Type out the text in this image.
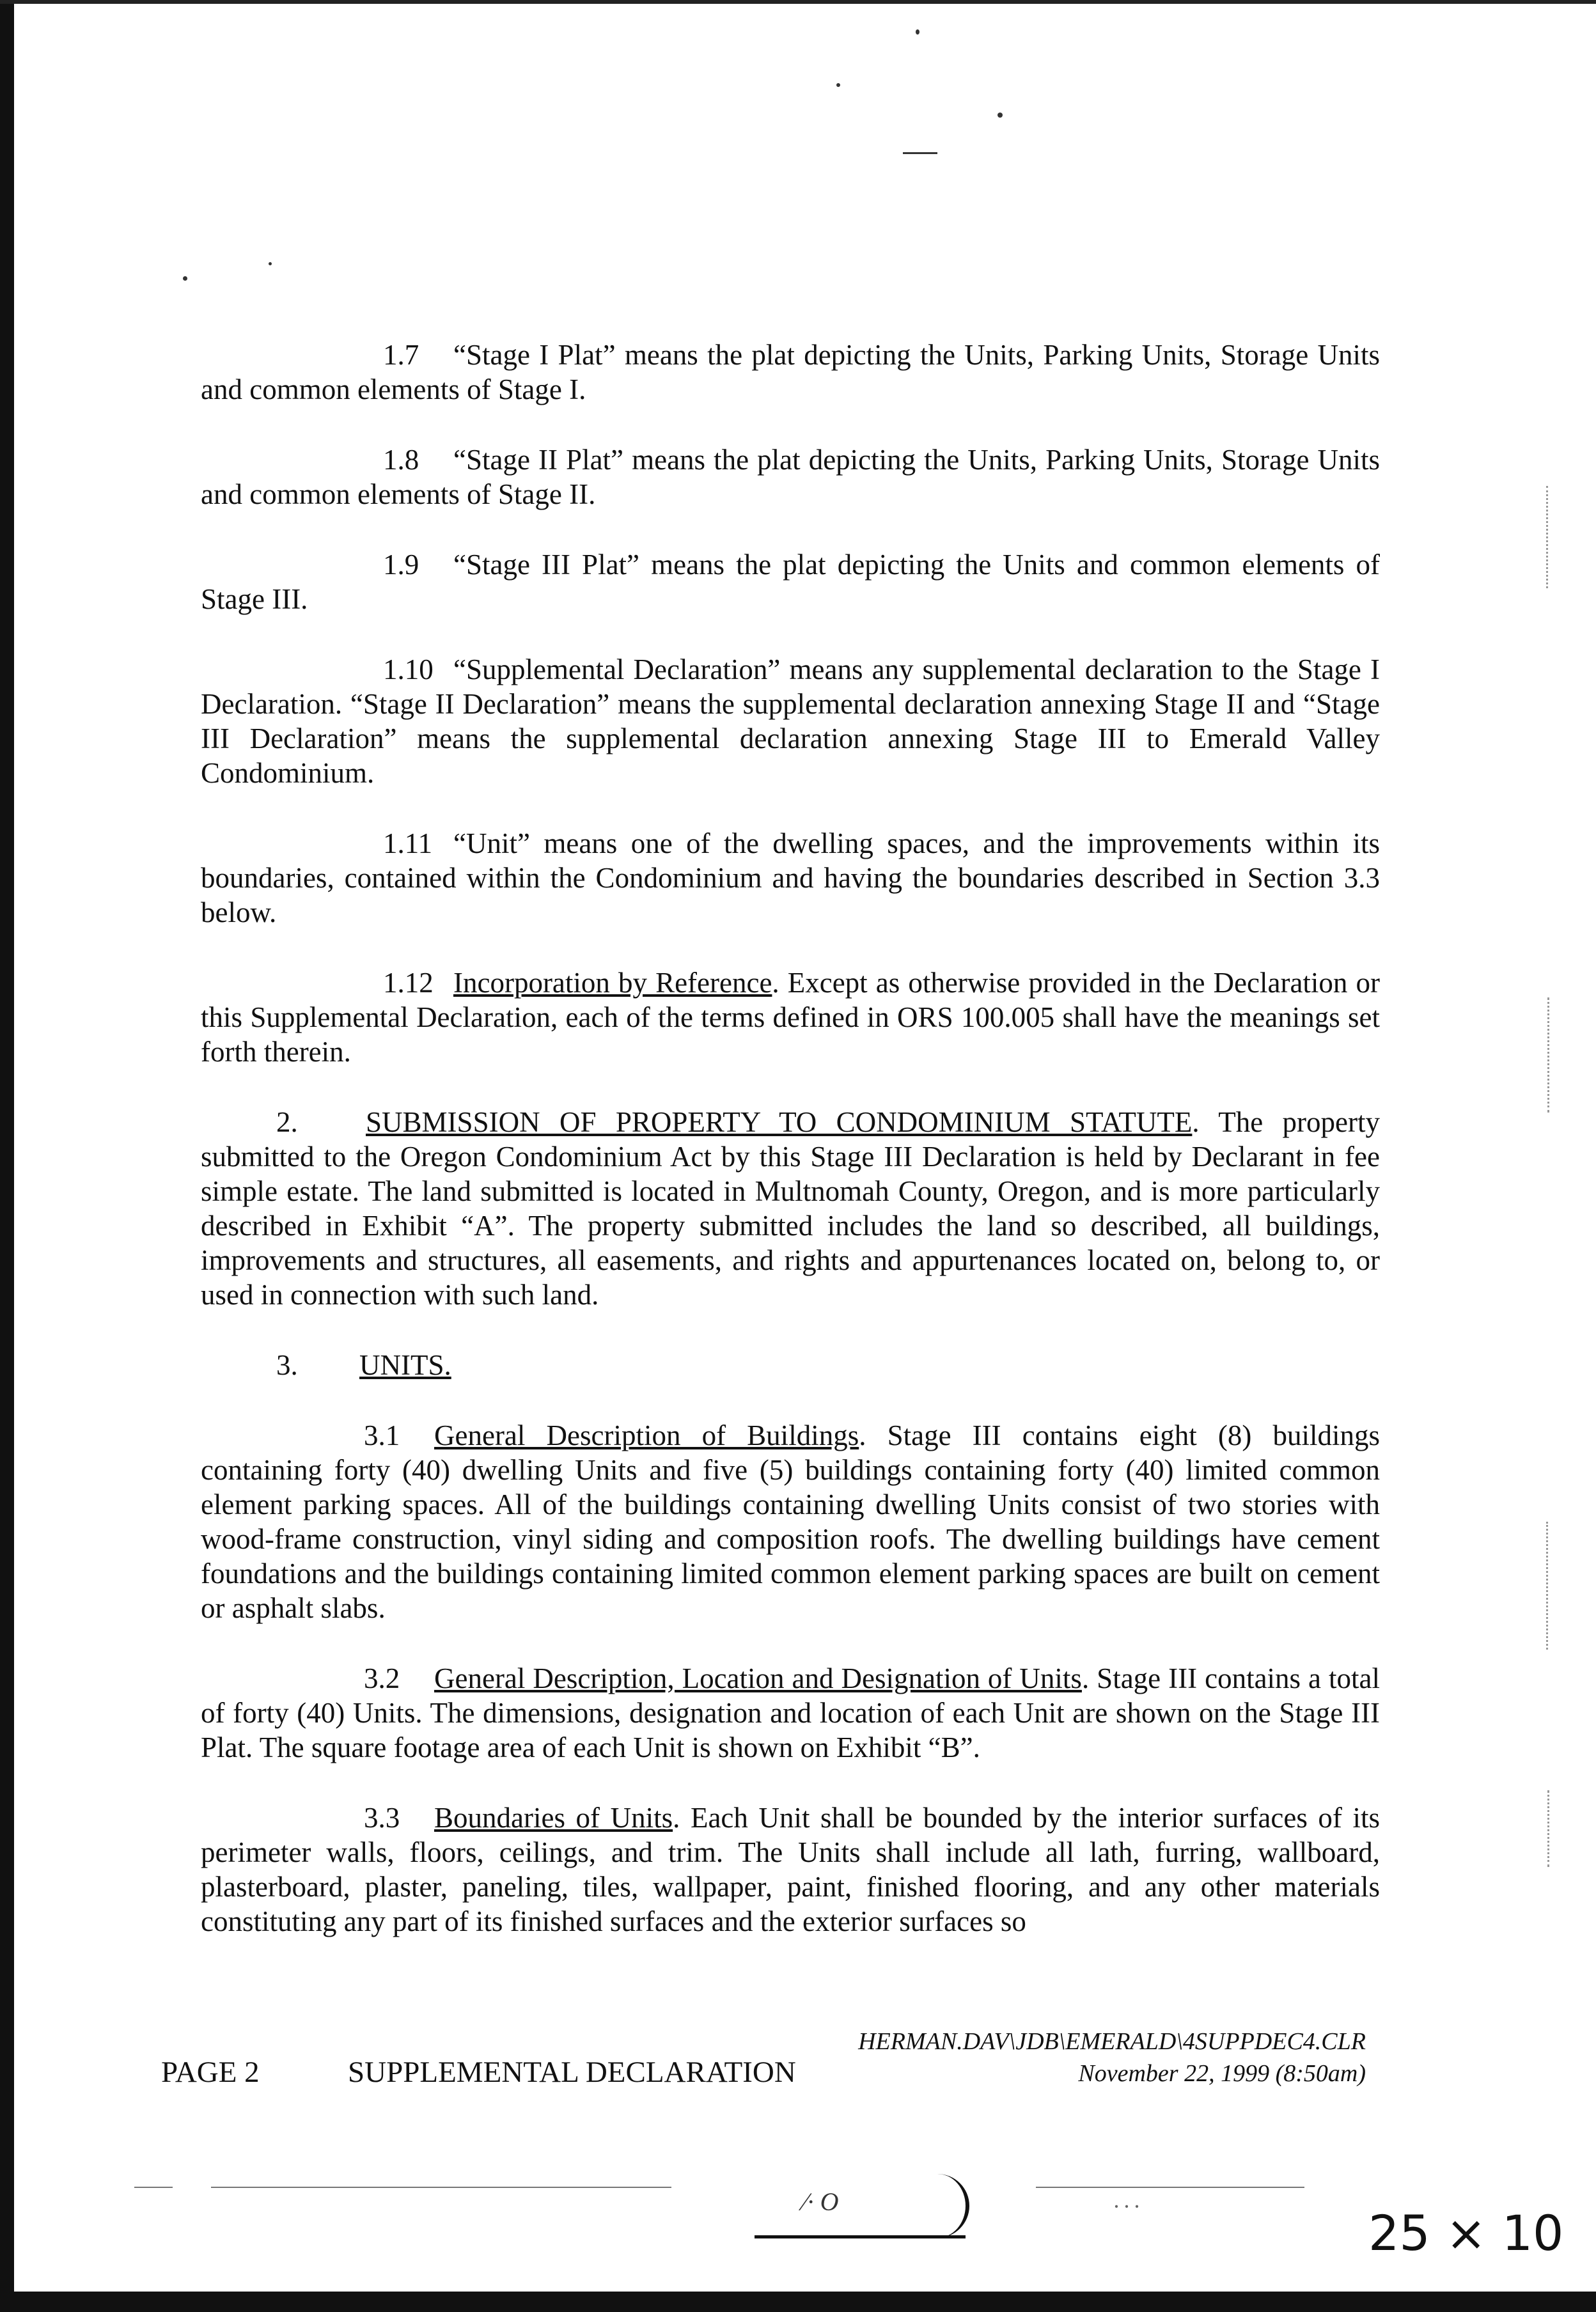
1.7 “Stage I Plat” means the plat depicting the Units, Parking Units, Storage Units and common elements of Stage I.

1.8 “Stage II Plat” means the plat depicting the Units, Parking Units, Storage Units and common elements of Stage II.

1.9 “Stage III Plat” means the plat depicting the Units and common elements of Stage III.

1.10 “Supplemental Declaration” means any supplemental declaration to the Stage I Declaration. “Stage II Declaration” means the supplemental declaration annexing Stage II and “Stage III Declaration” means the supplemental declaration annexing Stage III to Emerald Valley Condominium.

1.11 “Unit” means one of the dwelling spaces, and the improvements within its boundaries, contained within the Condominium and having the boundaries described in Section 3.3 below.

1.12 Incorporation by Reference. Except as otherwise provided in the Declaration or this Supplemental Declaration, each of the terms defined in ORS 100.005 shall have the meanings set forth therein.

2. SUBMISSION OF PROPERTY TO CONDOMINIUM STATUTE. The property submitted to the Oregon Condominium Act by this Stage III Declaration is held by Declarant in fee simple estate. The land submitted is located in Multnomah County, Oregon, and is more particularly described in Exhibit “A”. The property submitted includes the land so described, all buildings, improvements and structures, all easements, and rights and appurtenances located on, belong to, or used in connection with such land.

3. UNITS.

3.1 General Description of Buildings. Stage III contains eight (8) buildings containing forty (40) dwelling Units and five (5) buildings containing forty (40) limited common element parking spaces. All of the buildings containing dwelling Units consist of two stories with wood-frame construction, vinyl siding and composition roofs. The dwelling buildings have cement foundations and the buildings containing limited common element parking spaces are built on cement or asphalt slabs.

3.2 General Description, Location and Designation of Units. Stage III contains a total of forty (40) Units. The dimensions, designation and location of each Unit are shown on the Stage III Plat. The square footage area of each Unit is shown on Exhibit “B”.

3.3 Boundaries of Units. Each Unit shall be bounded by the interior surfaces of its perimeter walls, floors, ceilings, and trim. The Units shall include all lath, furring, wallboard, plasterboard, plaster, paneling, tiles, wallpaper, paint, finished flooring, and any other materials constituting any part of its finished surfaces and the exterior surfaces so

HERMAN.DAV\JDB\EMERALD\4SUPPDEC4.CLR
November 22, 1999 (8:50am)
PAGE 2	SUPPLEMENTAL DECLARATION
⁄· O	···	25 × 10
